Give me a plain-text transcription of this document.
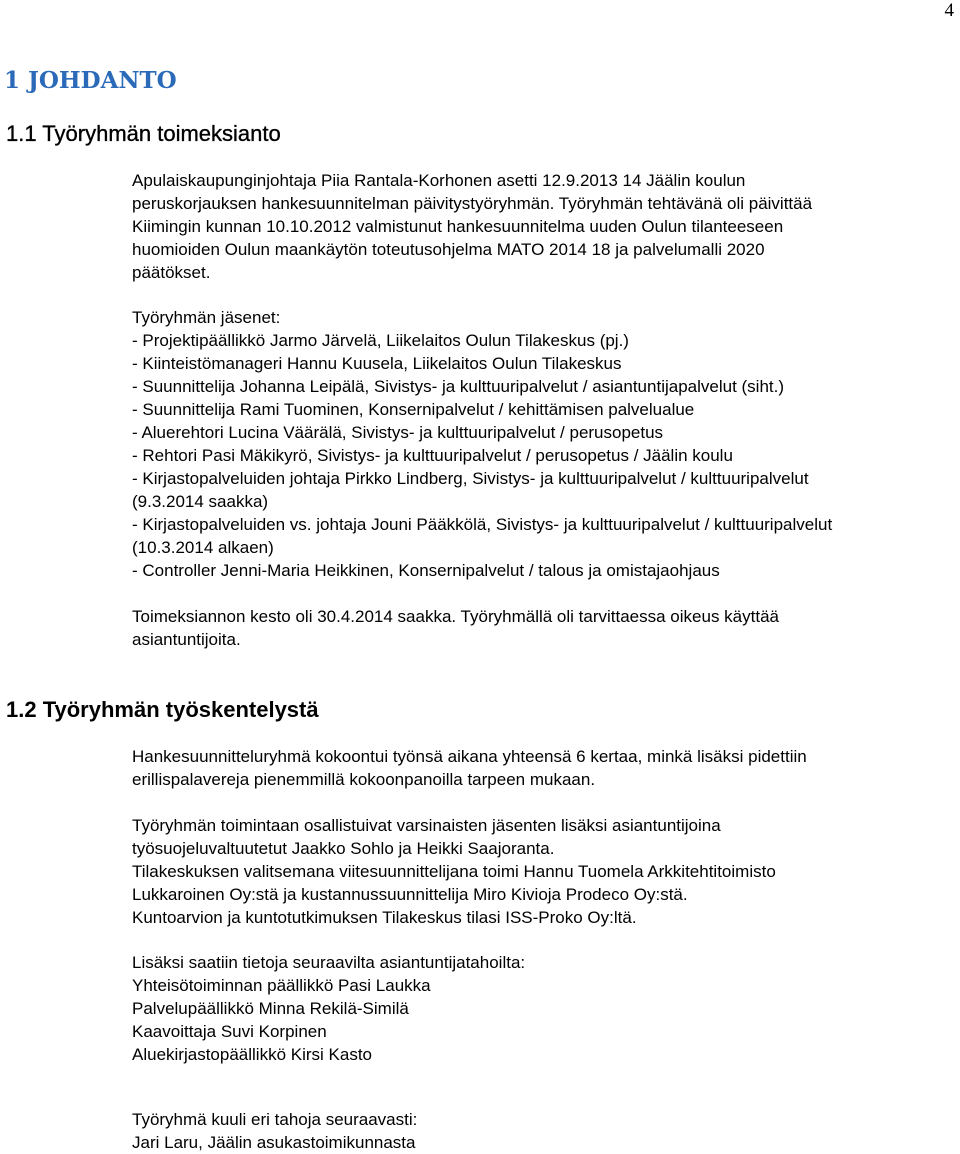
4
1 JOHDANTO
1.1 Työryhmän toimeksianto

Apulaiskaupunginjohtaja Piia Rantala-Korhonen asetti 12.9.2013 14 Jäälin koulun
peruskorjauksen hankesuunnitelman päivitystyöryhmän. Työryhmän tehtävänä oli päivittää
Kiimingin kunnan 10.10.2012 valmistunut hankesuunnitelma uuden Oulun tilanteeseen
huomioiden Oulun maankäytön toteutusohjelma MATO 2014 18 ja palvelumalli 2020
päätökset.

Työryhmän jäsenet:
- Projektipäällikkö Jarmo Järvelä, Liikelaitos Oulun Tilakeskus (pj.)
- Kiinteistömanageri Hannu Kuusela, Liikelaitos Oulun Tilakeskus
- Suunnittelija Johanna Leipälä, Sivistys- ja kulttuuripalvelut / asiantuntijapalvelut (siht.)
- Suunnittelija Rami Tuominen, Konsernipalvelut / kehittämisen palvelualue
- Aluerehtori Lucina Väärälä, Sivistys- ja kulttuuripalvelut / perusopetus
- Rehtori Pasi Mäkikyrö, Sivistys- ja kulttuuripalvelut / perusopetus / Jäälin koulu
- Kirjastopalveluiden johtaja Pirkko Lindberg, Sivistys- ja kulttuuripalvelut / kulttuuripalvelut
(9.3.2014 saakka)
- Kirjastopalveluiden vs. johtaja Jouni Pääkkölä, Sivistys- ja kulttuuripalvelut / kulttuuripalvelut
(10.3.2014 alkaen)
- Controller Jenni-Maria Heikkinen, Konsernipalvelut / talous ja omistajaohjaus

Toimeksiannon kesto oli 30.4.2014 saakka. Työryhmällä oli tarvittaessa oikeus käyttää
asiantuntijoita.

1.2 Työryhmän työskentelystä

Hankesuunnitteluryhmä kokoontui työnsä aikana yhteensä 6 kertaa, minkä lisäksi pidettiin
erillispalavereja pienemmillä kokoonpanoilla tarpeen mukaan.

Työryhmän toimintaan osallistuivat varsinaisten jäsenten lisäksi asiantuntijoina
työsuojeluvaltuutetut Jaakko Sohlo ja Heikki Saajoranta.
Tilakeskuksen valitsemana viitesuunnittelijana toimi Hannu Tuomela Arkkitehtitoimisto
Lukkaroinen Oy:stä ja kustannussuunnittelija Miro Kivioja Prodeco Oy:stä.
Kuntoarvion ja kuntotutkimuksen Tilakeskus tilasi ISS-Proko Oy:ltä.

Lisäksi saatiin tietoja seuraavilta asiantuntijatahoilta:
Yhteisötoiminnan päällikkö Pasi Laukka
Palvelupäällikkö Minna Rekilä-Similä
Kaavoittaja Suvi Korpinen
Aluekirjastopäällikkö Kirsi Kasto

Työryhmä kuuli eri tahoja seuraavasti:
Jari Laru, Jäälin asukastoimikunnasta
